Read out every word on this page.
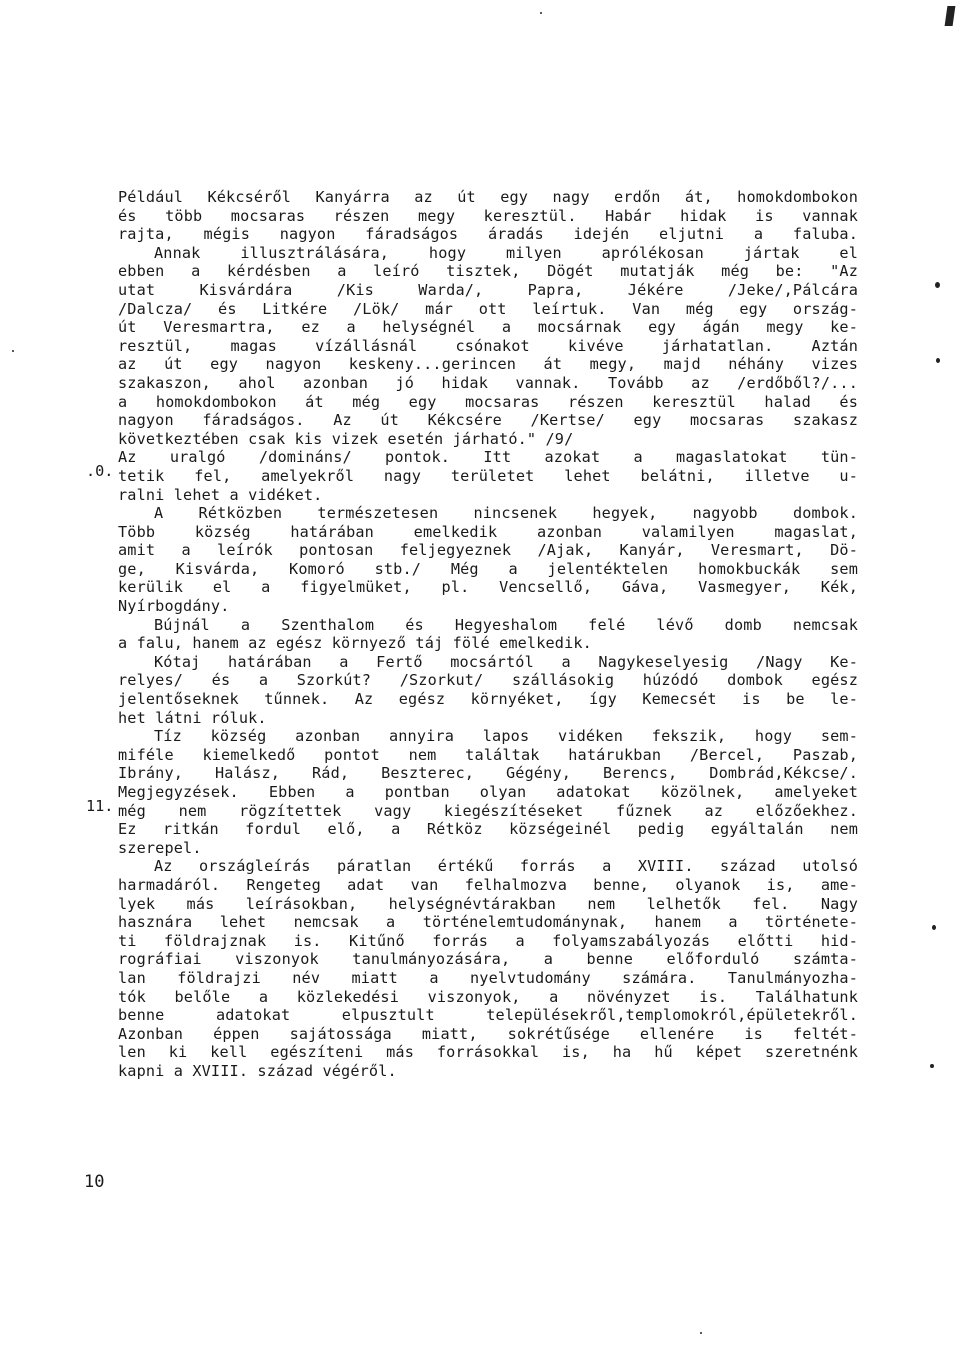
.0.
11.
Például Kékcséről Kanyárra az út egy nagy erdőn át, homokdombokon
és több mocsaras részen megy keresztül. Habár hidak is vannak
rajta, mégis nagyon fáradságos áradás idején eljutni a faluba.
Annak illusztrálására, hogy milyen aprólékosan jártak el
ebben a kérdésben a leíró tisztek, Dögét mutatják még be: "Az
utat Kisvárdára /Kis Warda/, Papra, Jékére /Jeke/,Pálcára
/Dalcza/ és Litkére /Lök/ már ott leírtuk. Van még egy ország-
út Veresmartra, ez a helységnél a mocsárnak egy ágán megy ke-
resztül, magas vízállásnál csónakot kivéve járhatatlan. Aztán
az út egy nagyon keskeny...gerincen át megy, majd néhány vizes
szakaszon, ahol azonban jó hidak vannak. Tovább az /erdőből?/...
a homokdombokon át még egy mocsaras részen keresztül halad és
nagyon fáradságos. Az út Kékcsére /Kertse/ egy mocsaras szakasz
következtében csak kis vizek esetén járható." /9/
Az uralgó /domináns/ pontok. Itt azokat a magaslatokat tün-
tetik fel, amelyekről nagy területet lehet belátni, illetve u-
ralni lehet a vidéket.
A Rétközben természetesen nincsenek hegyek, nagyobb dombok.
Több község határában emelkedik azonban valamilyen magaslat,
amit a leírók pontosan feljegyeznek /Ajak, Kanyár, Veresmart, Dö-
ge, Kisvárda, Komoró stb./ Még a jelentéktelen homokbuckák sem
kerülik el a figyelmüket, pl. Vencsellő, Gáva, Vasmegyer, Kék,
Nyírbogdány.
Bújnál a Szenthalom és Hegyeshalom felé lévő domb nemcsak
a falu, hanem az egész környező táj fölé emelkedik.
Kótaj határában a Fertő mocsártól a Nagykeselyesig /Nagy Ke-
relyes/ és a Szorkút? /Szorkut/ szállásokig húzódó dombok egész
jelentőseknek tűnnek. Az egész környéket, így Kemecsét is be le-
het látni róluk.
Tíz község azonban annyira lapos vidéken fekszik, hogy sem-
miféle kiemelkedő pontot nem találtak határukban /Bercel, Paszab,
Ibrány, Halász, Rád, Beszterec, Gégény, Berencs, Dombrád,Kékcse/.
Megjegyzések. Ebben a pontban olyan adatokat közölnek, amelyeket
még nem rögzítettek vagy kiegészítéseket fűznek az előzőekhez.
Ez ritkán fordul elő, a Rétköz községeinél pedig egyáltalán nem
szerepel.
Az országleírás páratlan értékű forrás a XVIII. század utolsó
harmadáról. Rengeteg adat van felhalmozva benne, olyanok is, ame-
lyek más leírásokban, helységnévtárakban nem lelhetők fel. Nagy
hasznára lehet nemcsak a történelemtudománynak, hanem a története-
ti földrajznak is. Kitűnő forrás a folyamszabályozás előtti hid-
rográfiai viszonyok tanulmányozására, a benne előforduló számta-
lan földrajzi név miatt a nyelvtudomány számára. Tanulmányozha-
tók belőle a közlekedési viszonyok, a növényzet is. Találhatunk
benne adatokat elpusztult településekről,templomokról,épületekről.
Azonban éppen sajátossága miatt, sokrétűsége ellenére is feltét-
len ki kell egészíteni más forrásokkal is, ha hű képet szeretnénk
kapni a XVIII. század végéről.
10
